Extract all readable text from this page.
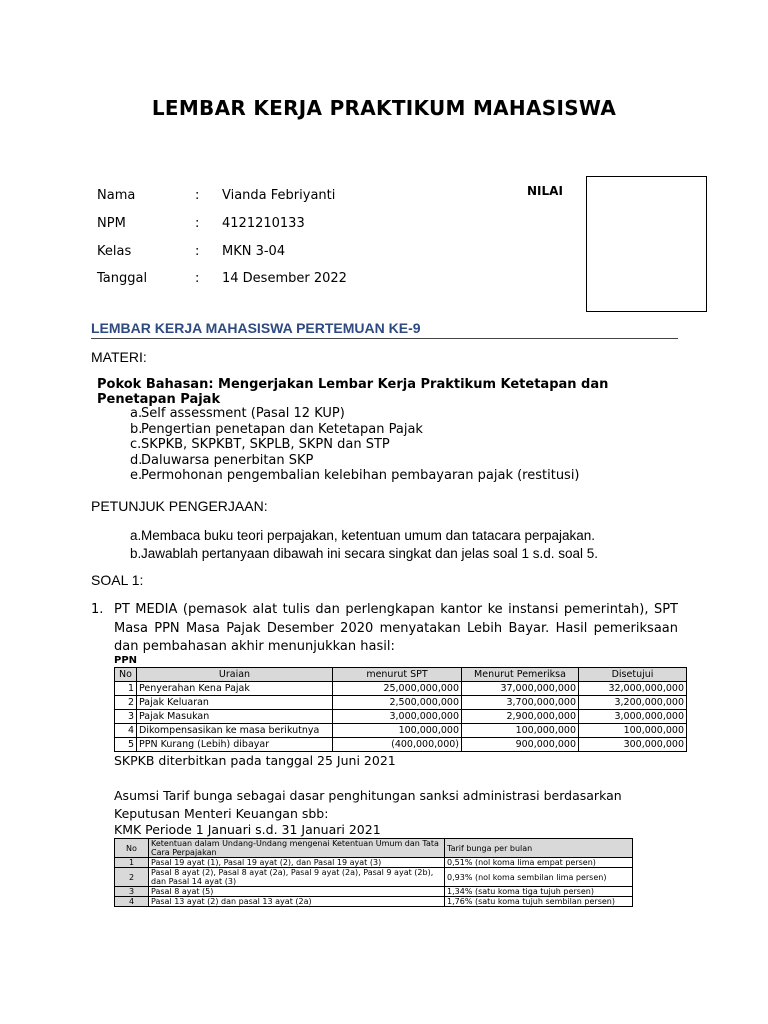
LEMBAR KERJA PRAKTIKUM MAHASISWA
Nama	: Vianda Febriyanti
NPM	: 4121210133
Kelas	: MKN 3-04
Tanggal	: 14 Desember 2022
NILAI
LEMBAR KERJA MAHASISWA PERTEMUAN KE-9
MATERI:
Pokok Bahasan: Mengerjakan Lembar Kerja Praktikum Ketetapan dan Penetapan Pajak
a.
Self assessment (Pasal 12 KUP)
b.
Pengertian penetapan dan Ketetapan Pajak
c. SKPKB, SKPKBT, SKPLB, SKPN dan STP
d.
Daluwarsa penerbitan SKP
e.
Permohonan pengembalian kelebihan pembayaran pajak (restitusi)
PETUNJUK PENGERJAAN:
a. Membaca buku teori perpajakan, ketentuan umum dan tatacara perpajakan.
b. Jawablah pertanyaan dibawah ini secara singkat dan jelas soal 1 s.d. soal 5.
SOAL 1:
1. PT MEDIA (pemasok alat tulis dan perlengkapan kantor ke instansi pemerintah), SPT Masa PPN Masa Pajak Desember 2020 menyatakan Lebih Bayar. Hasil pemeriksaan dan pembahasan akhir menunjukkan hasil:
PPN
No	Uraian	menurut SPT	Menurut Pemeriksa	Disetujui
1	Penyerahan Kena Pajak	25,000,000,000	37,000,000,000	32,000,000,000
2	Pajak Keluaran	2,500,000,000	3,700,000,000	3,200,000,000
3	Pajak Masukan	3,000,000,000	2,900,000,000	3,000,000,000
4	Dikompensasikan ke masa berikutnya	100,000,000	100,000,000	100,000,000
5	PPN Kurang (Lebih) dibayar	(400,000,000)	900,000,000	300,000,000
SKPKB diterbitkan pada tanggal 25 Juni 2021
Asumsi Tarif bunga sebagai dasar penghitungan sanksi administrasi berdasarkan Keputusan Menteri Keuangan sbb:
KMK Periode 1 Januari s.d. 31 Januari 2021
No	Ketentuan dalam Undang-Undang mengenai Ketentuan Umum dan Tata Cara Perpajakan	Tarif bunga per bulan
1	Pasal 19 ayat (1), Pasal 19 ayat (2), dan Pasal 19 ayat (3)	0,51% (nol koma lima empat persen)
2	Pasal 8 ayat (2), Pasal 8 ayat (2a), Pasal 9 ayat (2a), Pasal 9 ayat (2b), dan Pasal 14 ayat (3)	0,93% (nol koma sembilan lima persen)
3	Pasal 8 ayat (5)	1,34% (satu koma tiga tujuh persen)
4	Pasal 13 ayat (2) dan pasal 13 ayat (2a)	1,76% (satu koma tujuh sembilan persen)
